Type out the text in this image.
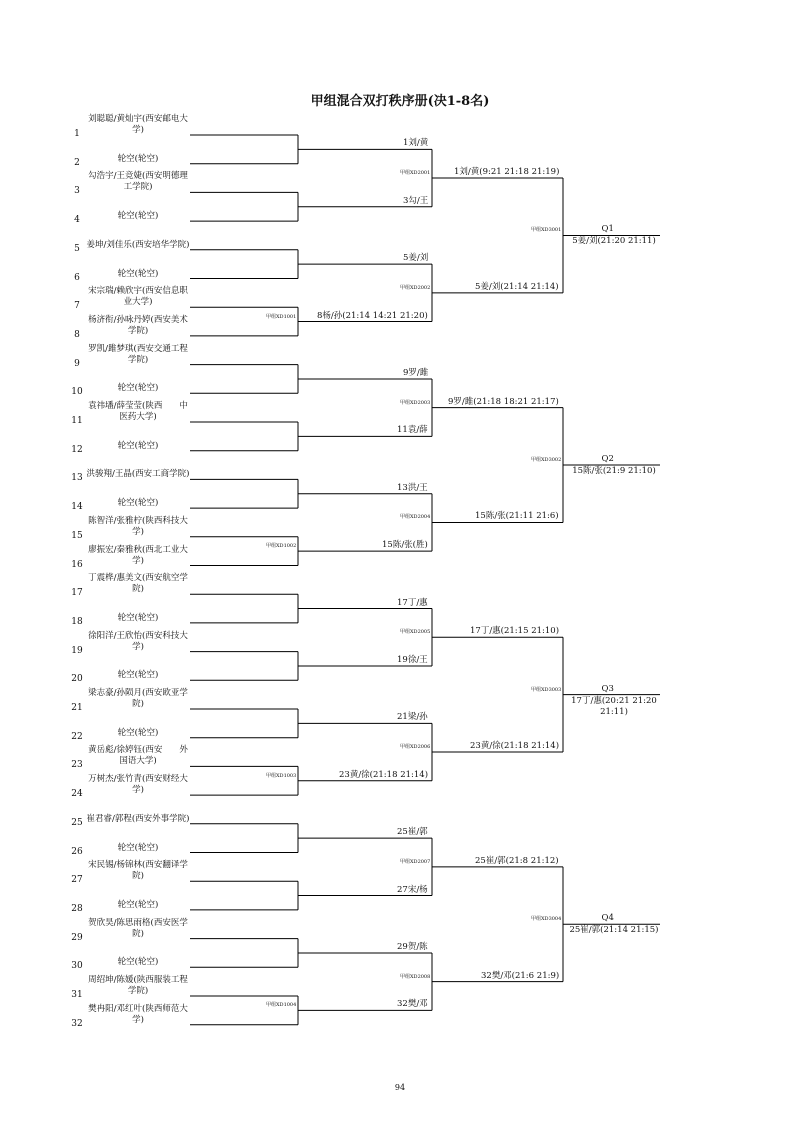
甲组混合双打秩序册(决1-8名)
94
1
刘聪聪/黄灿宇(西安邮电大学)
2	轮空(轮空)
3
勾浩宇/王竞婕(西安明德理工学院)
4	轮空(轮空)
5 姜坤/刘佳乐(西安培华学院)
6	轮空(轮空)
7
宋宗瑞/赖欣宇(西安信息职业大学)
8
杨济衔/孙咏丹婷(西安美术学院)
9
罗凯/雎梦琪(西安交通工程学院)
10	轮空(轮空)
11
袁祎墦/薛莹莹(陕西　　中医药大学)
12	轮空(轮空)
13 洪骏翔/王晶(西安工商学院)
14	轮空(轮空)
15
陈智洋/张雅柠(陕西科技大学)
16
廖振宏/秦雅秋(西北工业大学)
17
丁震桦/惠美文(西安航空学院)
18	轮空(轮空)
19
徐阳洋/王欣怡(西安科技大学)
20	轮空(轮空)
21
梁志豪/孙陨月(西安欧亚学院)
22	轮空(轮空)
23
黄岳彪/徐婷钰(西安　　外国语大学)
24
万树杰/张竹青(西安财经大学)
25 崔君睿/郭程(西安外事学院)
26	轮空(轮空)
27
宋民锡/杨锦林(西安翻译学院)
28	轮空(轮空)
29
贺欣昊/陈思雨格(西安医学院)
30	轮空(轮空)
31
周绍坤/陈媛(陕西服装工程学院)
32
樊冉阳/邓红叶(陕西师范大学)
1刘/黄
3勾/王
5姜/刘
8杨/孙(21:14 14:21 21:20)
甲组XD1001
9罗/雎
11袁/薛
13洪/王
15陈/张(胜)
甲组XD1002
17丁/惠
19徐/王
21梁/孙
23黄/徐(21:18 21:14)
甲组XD1003
25崔/郭
27宋/杨
29贺/陈
32樊/邓
甲组XD1004
甲组XD2001	1刘/黄(9:21 21:18 21:19)
甲组XD2002	5姜/刘(21:14 21:14)
甲组XD2003 9罗/雎(21:18 18:21 21:17)
甲组XD2004	15陈/张(21:11 21:6)
甲组XD2005	17丁/惠(21:15 21:10)
甲组XD2006	23黄/徐(21:18 21:14)
甲组XD2007	25崔/郭(21:8 21:12)
甲组XD2008	32樊/邓(21:6 21:9)
甲组XD3001	Q1
5姜/刘(21:20 21:11)
甲组XD3002	Q2
15陈/张(21:9 21:10)
甲组XD3003	Q3
17丁/惠(20:21 21:20 21:11)
甲组XD3004	Q4
25崔/郭(21:14 21:15)
